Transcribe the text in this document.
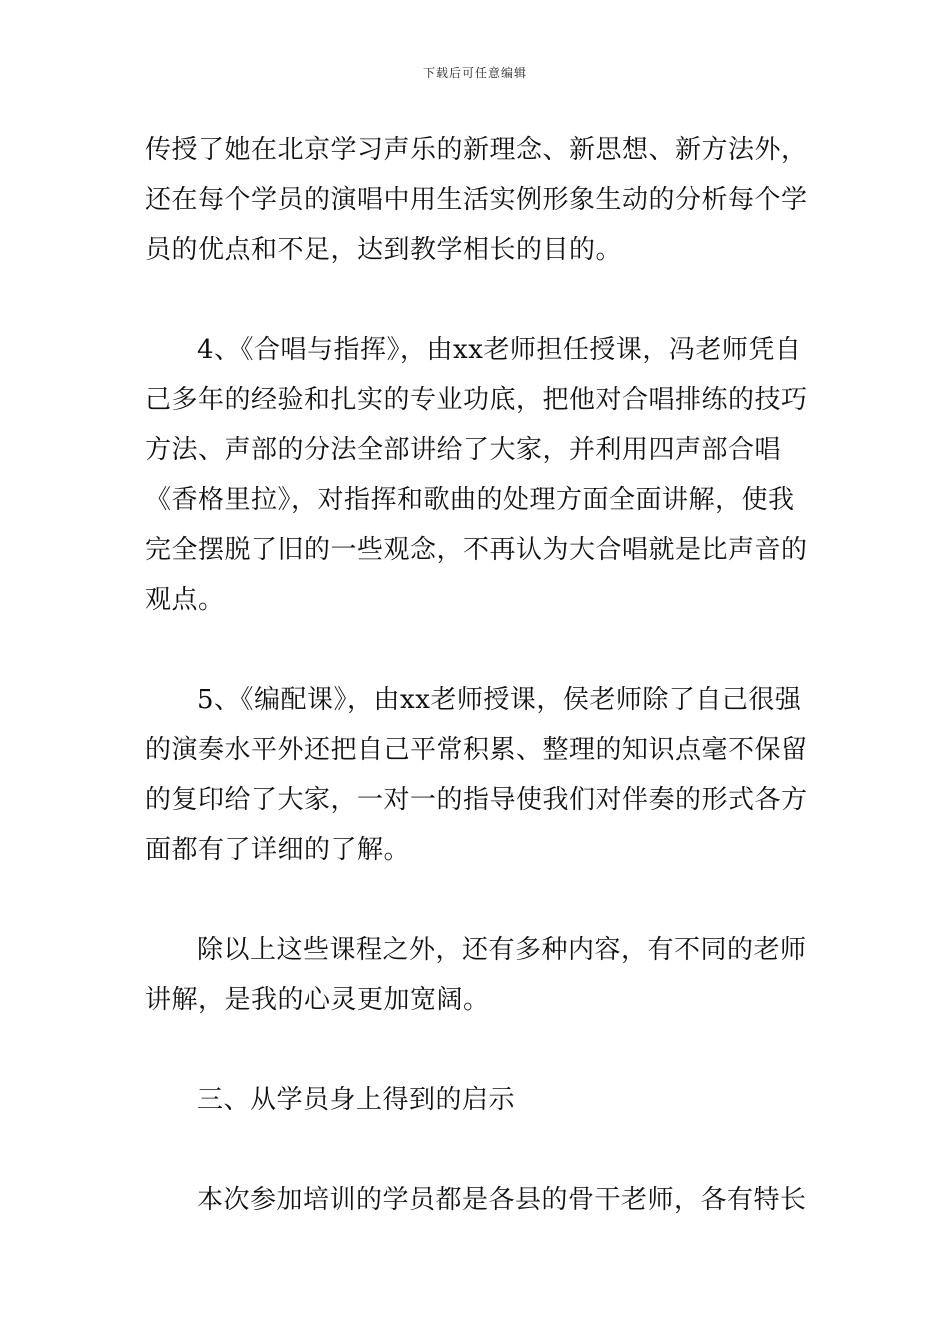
下载后可任意编辑
传授了她在北京学习声乐的新理念、新思想、新方法外，
还在每个学员的演唱中用生活实例形象生动的分析每个学
员的优点和不足，达到教学相长的目的。
4、《合唱与指挥》，由xx老师担任授课，冯老师凭自
己多年的经验和扎实的专业功底，把他对合唱排练的技巧
方法、声部的分法全部讲给了大家，并利用四声部合唱
《香格里拉》，对指挥和歌曲的处理方面全面讲解，使我
完全摆脱了旧的一些观念，不再认为大合唱就是比声音的
观点。
5、《编配课》，由xx老师授课，侯老师除了自己很强
的演奏水平外还把自己平常积累、整理的知识点毫不保留
的复印给了大家，一对一的指导使我们对伴奏的形式各方
面都有了详细的了解。
除以上这些课程之外，还有多种内容，有不同的老师
讲解，是我的心灵更加宽阔。
三、从学员身上得到的启示
本次参加培训的学员都是各县的骨干老师，各有特长
